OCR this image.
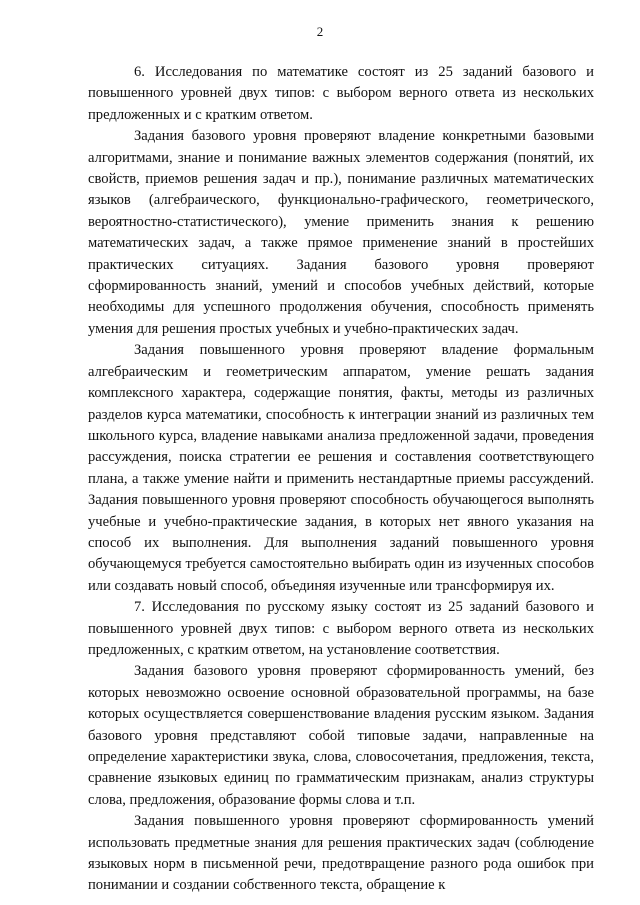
2

6. Исследования по математике состоят из 25 заданий базового и повышенного уровней двух типов: с выбором верного ответа из нескольких предложенных и с кратким ответом.

Задания базового уровня проверяют владение конкретными базовыми алгоритмами, знание и понимание важных элементов содержания (понятий, их свойств, приемов решения задач и пр.), понимание различных математических языков (алгебраического, функционально-графического, геометрического, вероятностно-статистического), умение применить знания к решению математических задач, а также прямое применение знаний в простейших практических ситуациях. Задания базового уровня проверяют сформированность знаний, умений и способов учебных действий, которые необходимы для успешного продолжения обучения, способность применять умения для решения простых учебных и учебно-практических задач.

Задания повышенного уровня проверяют владение формальным алгебраическим и геометрическим аппаратом, умение решать задания комплексного характера, содержащие понятия, факты, методы из различных разделов курса математики, способность к интеграции знаний из различных тем школьного курса, владение навыками анализа предложенной задачи, проведения рассуждения, поиска стратегии ее решения и составления соответствующего плана, а также умение найти и применить нестандартные приемы рассуждений. Задания повышенного уровня проверяют способность обучающегося выполнять учебные и учебно-практические задания, в которых нет явного указания на способ их выполнения. Для выполнения заданий повышенного уровня обучающемуся требуется самостоятельно выбирать один из изученных способов или создавать новый способ, объединяя изученные или трансформируя их.

7. Исследования по русскому языку состоят из 25 заданий базового и повышенного уровней двух типов: с выбором верного ответа из нескольких предложенных, с кратким ответом, на установление соответствия.

Задания базового уровня проверяют сформированность умений, без которых невозможно освоение основной образовательной программы, на базе которых осуществляется совершенствование владения русским языком. Задания базового уровня представляют собой типовые задачи, направленные на определение характеристики звука, слова, словосочетания, предложения, текста, сравнение языковых единиц по грамматическим признакам, анализ структуры слова, предложения, образование формы слова и т.п.

Задания повышенного уровня проверяют сформированность умений использовать предметные знания для решения практических задач (соблюдение языковых норм в письменной речи, предотвращение разного рода ошибок при понимании и создании собственного текста, обращение к
